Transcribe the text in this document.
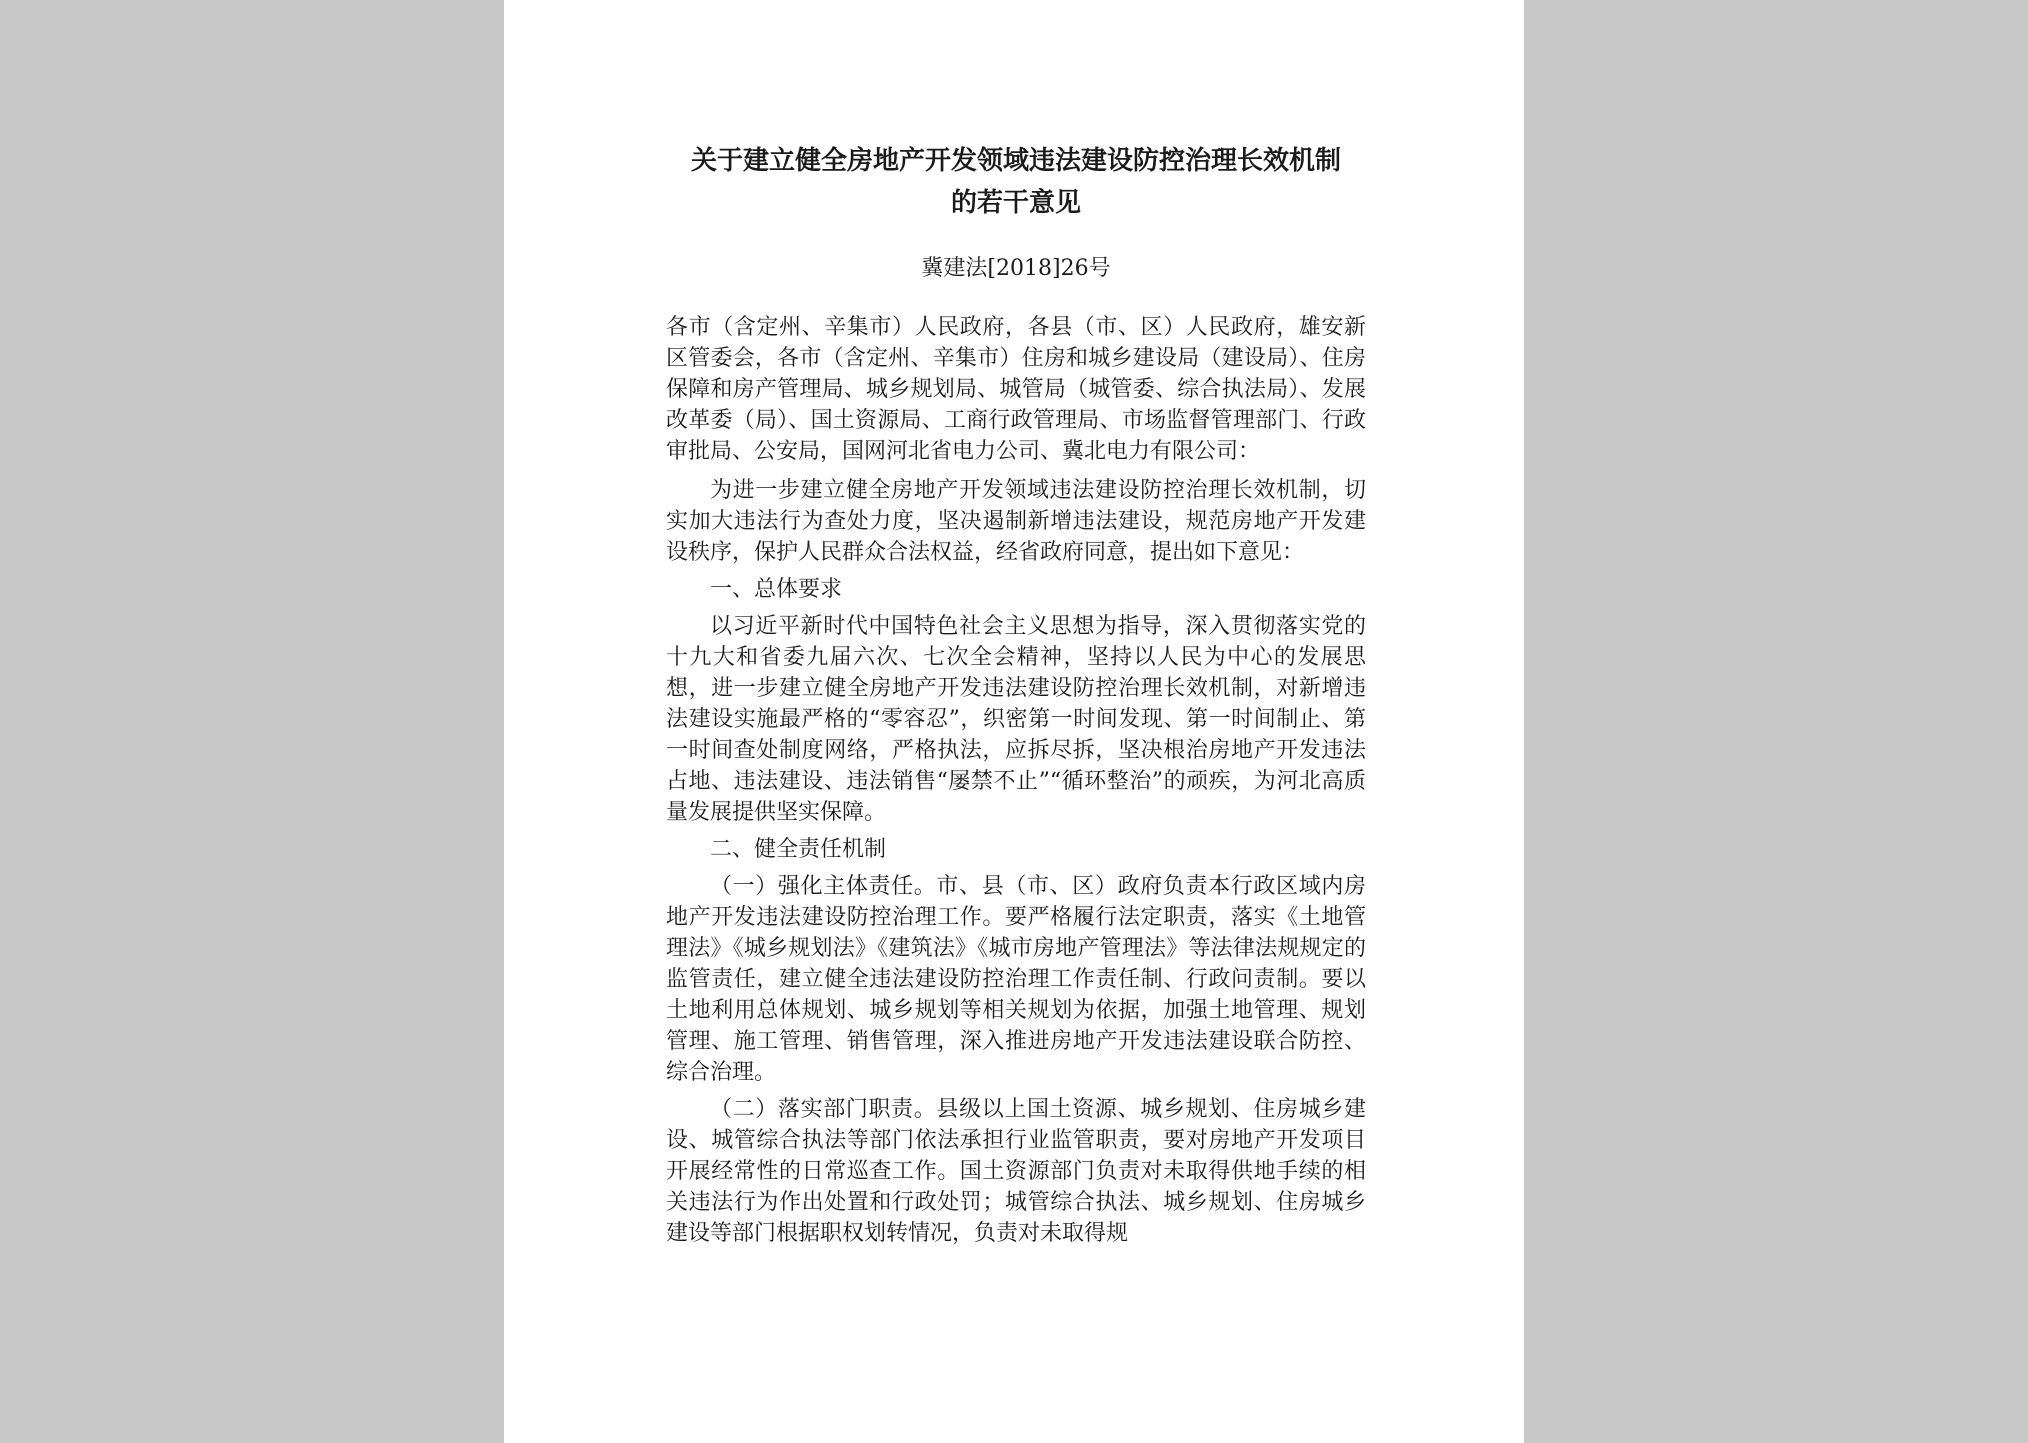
关于建立健全房地产开发领域违法建设防控治理长效机制
的若干意见
冀建法[2018]26号

各市（含定州、辛集市）人民政府，各县（市、区）人民政府，雄安新区管委会，各市（含定州、辛集市）住房和城乡建设局（建设局）、住房保障和房产管理局、城乡规划局、城管局（城管委、综合执法局）、发展改革委（局）、国土资源局、工商行政管理局、市场监督管理部门、行政审批局、公安局，国网河北省电力公司、冀北电力有限公司：

为进一步建立健全房地产开发领域违法建设防控治理长效机制，切实加大违法行为查处力度，坚决遏制新增违法建设，规范房地产开发建设秩序，保护人民群众合法权益，经省政府同意，提出如下意见：

一、总体要求

以习近平新时代中国特色社会主义思想为指导，深入贯彻落实党的十九大和省委九届六次、七次全会精神，坚持以人民为中心的发展思想，进一步建立健全房地产开发违法建设防控治理长效机制，对新增违法建设实施最严格的“零容忍”，织密第一时间发现、第一时间制止、第一时间查处制度网络，严格执法，应拆尽拆，坚决根治房地产开发违法占地、违法建设、违法销售“屡禁不止”“循环整治”的顽疾，为河北高质量发展提供坚实保障。

二、健全责任机制

（一）强化主体责任。市、县（市、区）政府负责本行政区域内房地产开发违法建设防控治理工作。要严格履行法定职责，落实《土地管理法》《城乡规划法》《建筑法》《城市房地产管理法》等法律法规规定的监管责任，建立健全违法建设防控治理工作责任制、行政问责制。要以土地利用总体规划、城乡规划等相关规划为依据，加强土地管理、规划管理、施工管理、销售管理，深入推进房地产开发违法建设联合防控、综合治理。

（二）落实部门职责。县级以上国土资源、城乡规划、住房城乡建设、城管综合执法等部门依法承担行业监管职责，要对房地产开发项目开展经常性的日常巡查工作。国土资源部门负责对未取得供地手续的相关违法行为作出处置和行政处罚；城管综合执法、城乡规划、住房城乡建设等部门根据职权划转情况，负责对未取得规
